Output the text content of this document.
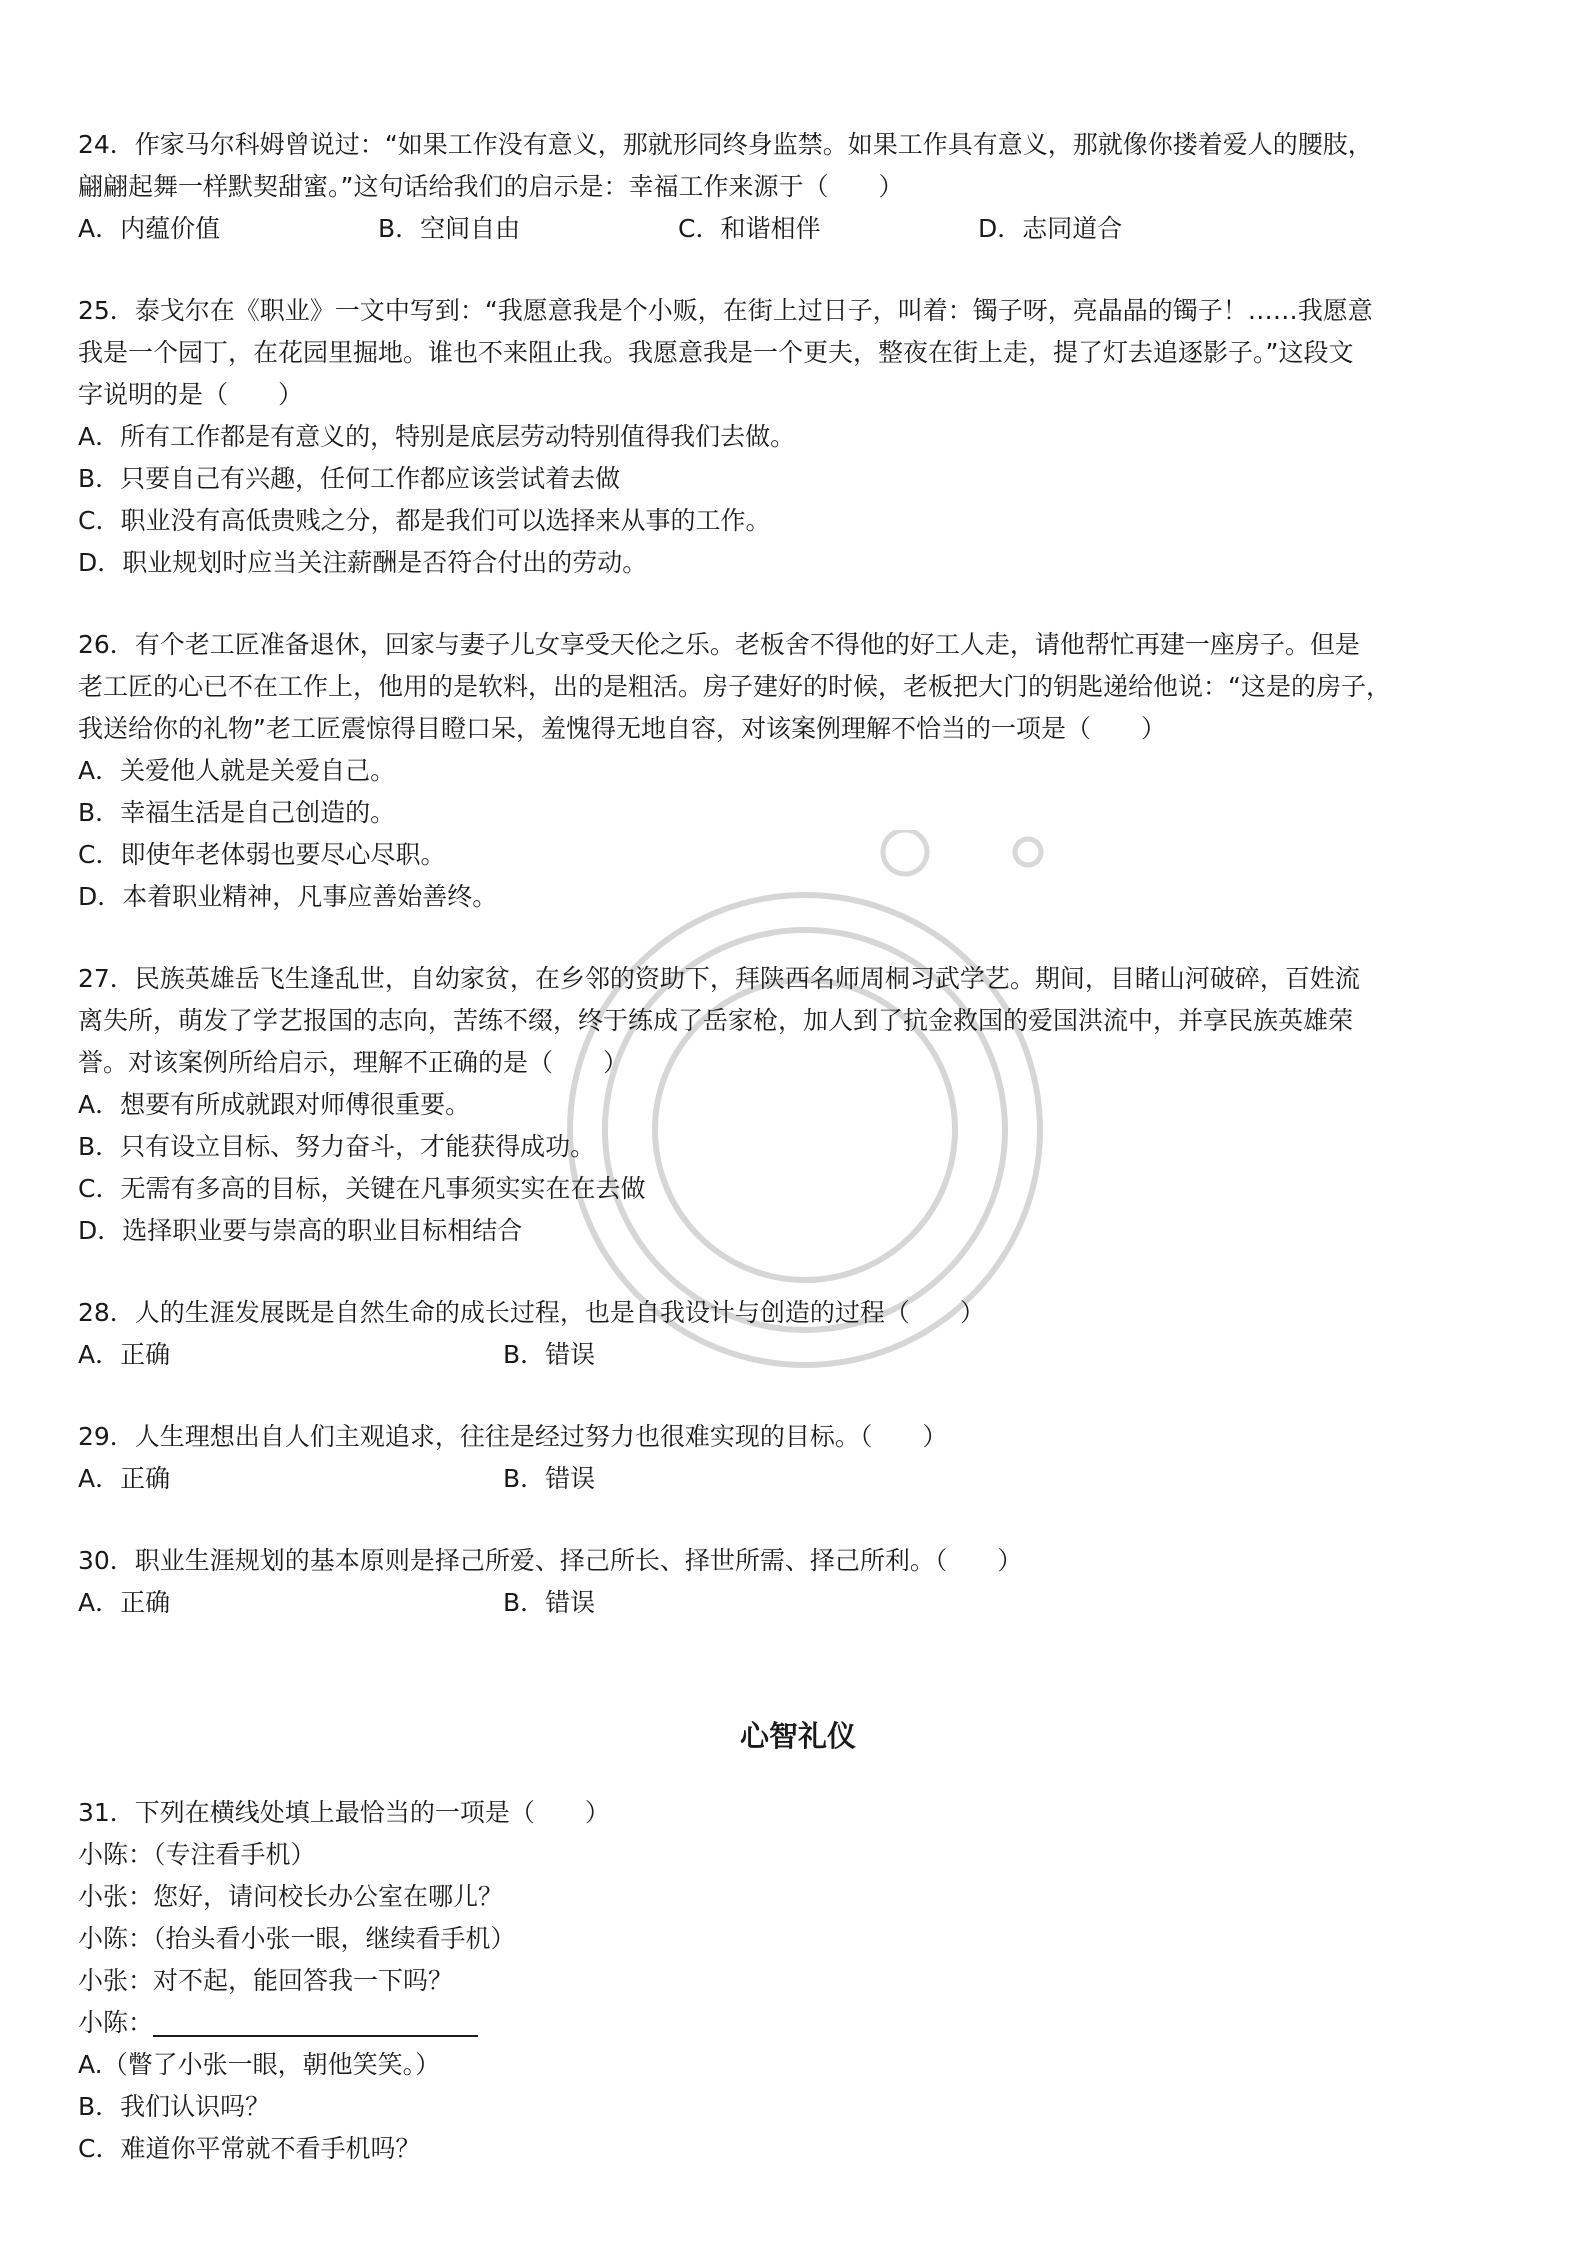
24．作家马尔科姆曾说过：“如果工作没有意义，那就形同终身监禁。如果工作具有意义，那就像你搂着爱人的腰肢，
翩翩起舞一样默契甜蜜。”这句话给我们的启示是：幸福工作来源于（　　）
A．内蕴价值	B．空间自由	C．和谐相伴	D．志同道合
25．泰戈尔在《职业》一文中写到：“我愿意我是个小贩，在街上过日子，叫着：镯子呀，亮晶晶的镯子！……我愿意
我是一个园丁，在花园里掘地。谁也不来阻止我。我愿意我是一个更夫，整夜在街上走，提了灯去追逐影子。”这段文
字说明的是（　　）
A．所有工作都是有意义的，特别是底层劳动特别值得我们去做。
B．只要自己有兴趣，任何工作都应该尝试着去做
C．职业没有高低贵贱之分，都是我们可以选择来从事的工作。
D．职业规划时应当关注薪酬是否符合付出的劳动。
26．有个老工匠准备退休，回家与妻子儿女享受天伦之乐。老板舍不得他的好工人走，请他帮忙再建一座房子。但是
老工匠的心已不在工作上，他用的是软料，出的是粗活。房子建好的时候，老板把大门的钥匙递给他说：“这是的房子，
我送给你的礼物”老工匠震惊得目瞪口呆，羞愧得无地自容，对该案例理解不恰当的一项是（　　）
A．关爱他人就是关爱自己。
B．幸福生活是自己创造的。
C．即使年老体弱也要尽心尽职。
D．本着职业精神，凡事应善始善终。
27．民族英雄岳飞生逢乱世，自幼家贫，在乡邻的资助下，拜陕西名师周桐习武学艺。期间，目睹山河破碎，百姓流
离失所，萌发了学艺报国的志向，苦练不缀，终于练成了岳家枪，加人到了抗金救国的爱国洪流中，并享民族英雄荣
誉。对该案例所给启示，理解不正确的是（　　）
A．想要有所成就跟对师傅很重要。
B．只有设立目标、努力奋斗，才能获得成功。
C．无需有多高的目标，关键在凡事须实实在在去做
D．选择职业要与崇高的职业目标相结合
28．人的生涯发展既是自然生命的成长过程，也是自我设计与创造的过程（　　）
A．正确	B．错误
29．人生理想出自人们主观追求，往往是经过努力也很难实现的目标。（　　）
A．正确	B．错误
30．职业生涯规划的基本原则是择己所爱、择己所长、择世所需、择己所利。（　　）
A．正确	B．错误
心智礼仪
31．下列在横线处填上最恰当的一项是（　　）
小陈：（专注看手机）
小张：您好，请问校长办公室在哪儿？
小陈：（抬头看小张一眼，继续看手机）
小张：对不起，能回答我一下吗？
小陈：
A.（瞥了小张一眼，朝他笑笑。）
B．我们认识吗？
C．难道你平常就不看手机吗？
